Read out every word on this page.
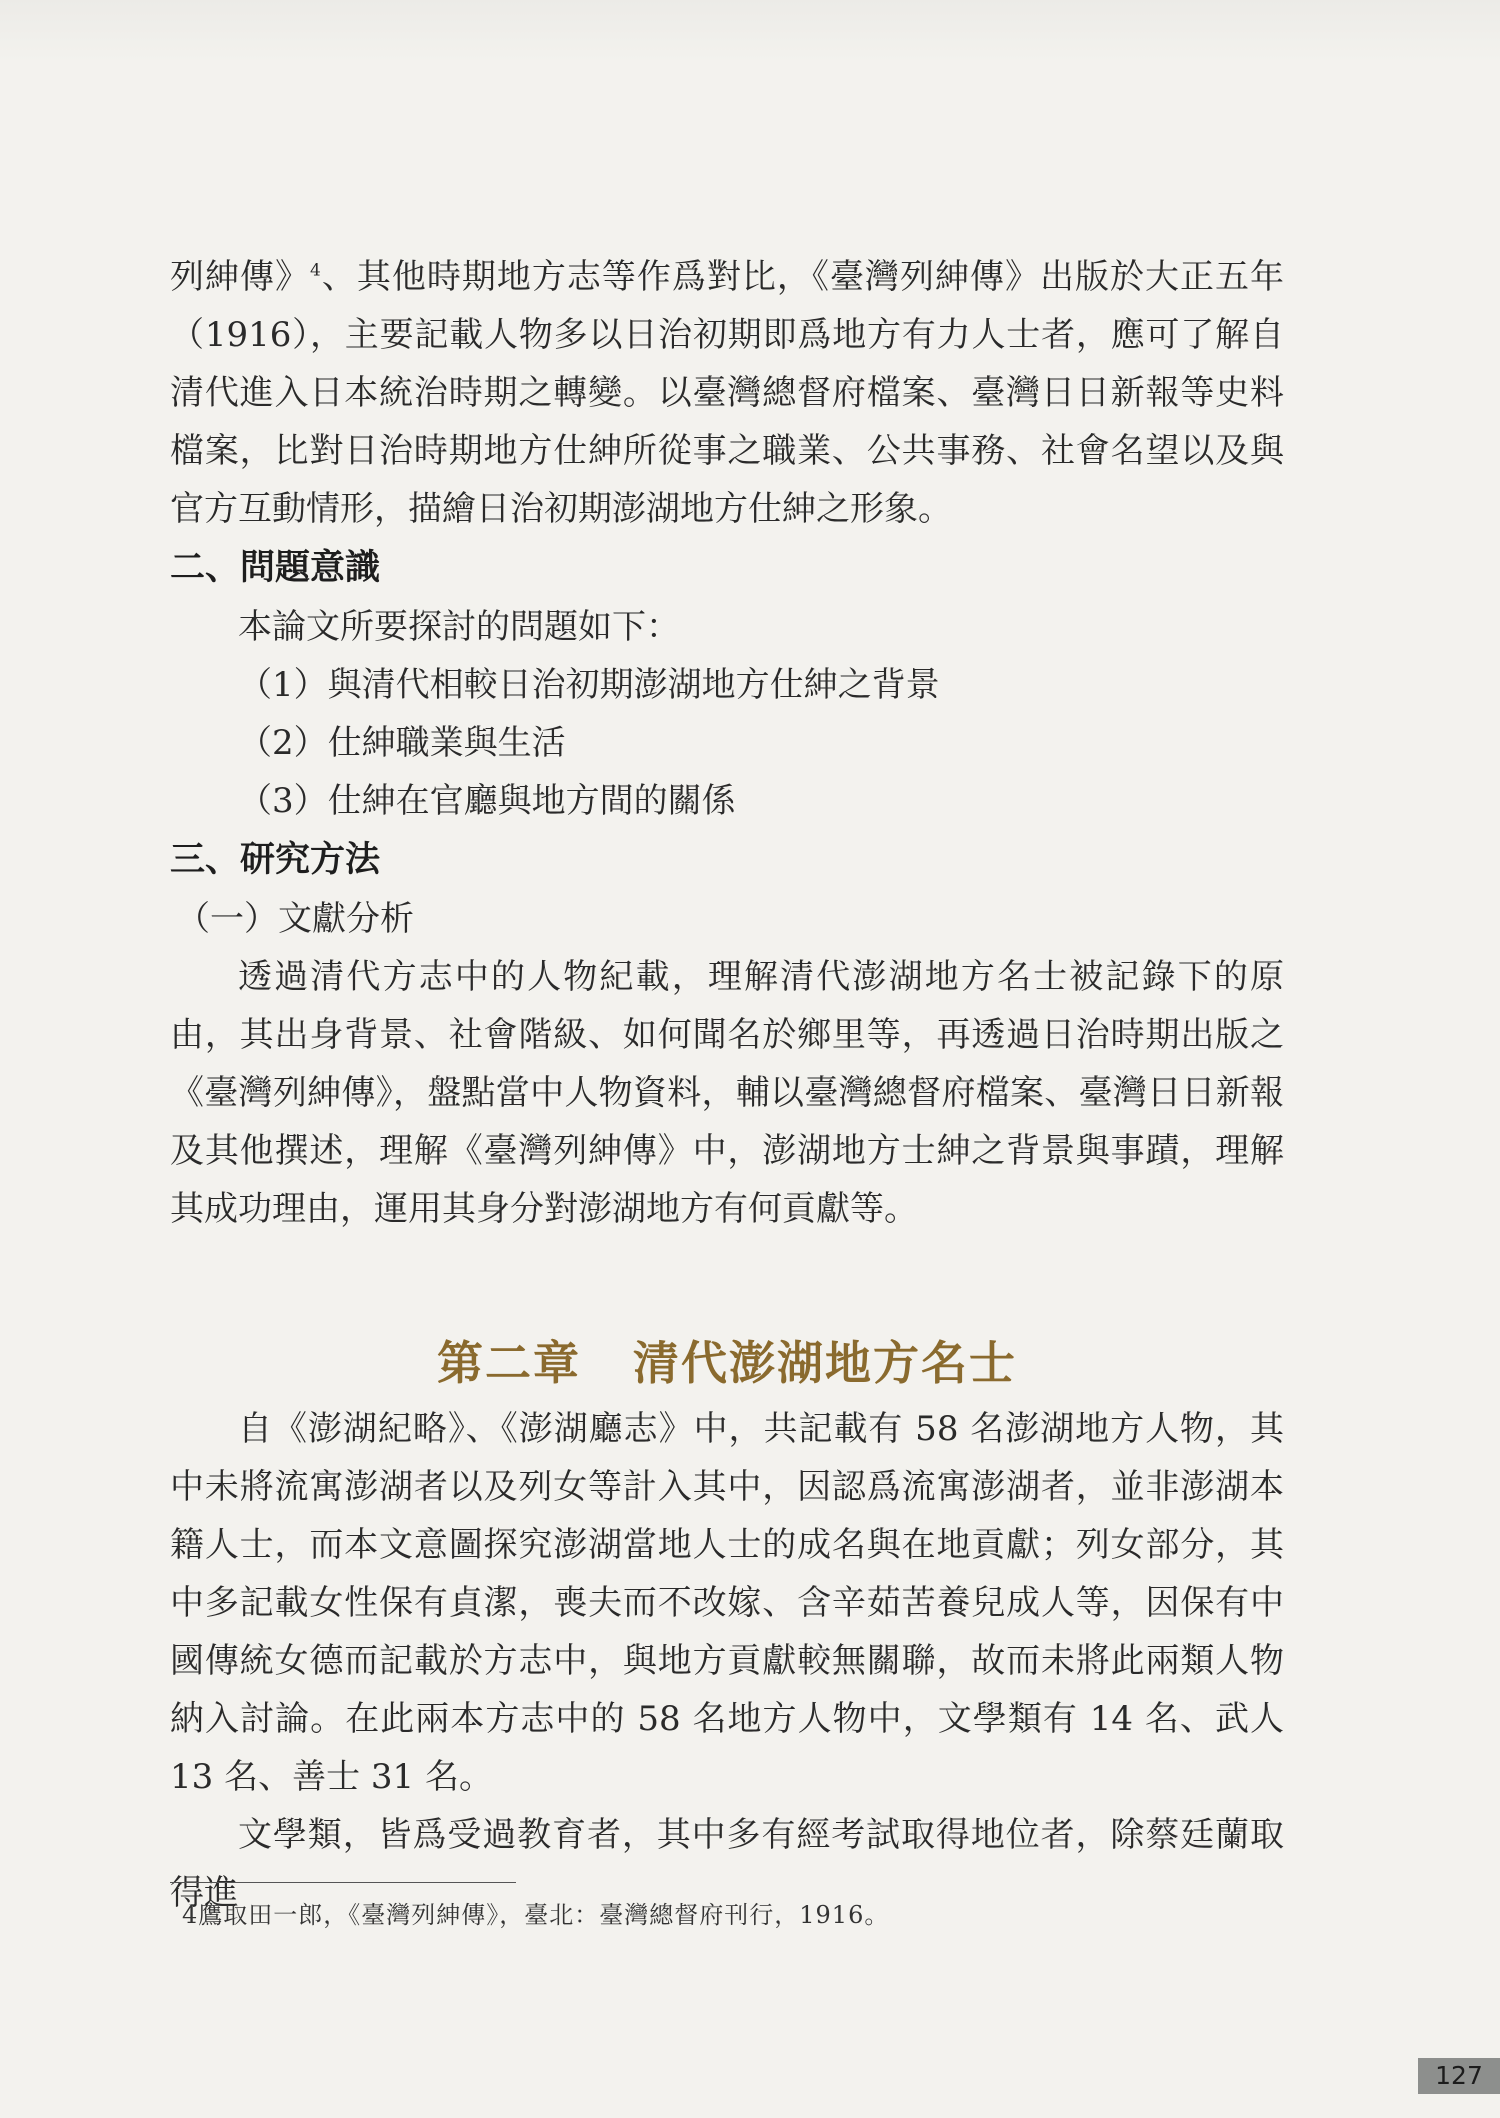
列紳傳》$^4$、其他時期地方志等作爲對比，《臺灣列紳傳》出版於大正五年（1916），主要記載人物多以日治初期即爲地方有力人士者，應可了解自清代進入日本統治時期之轉變。以臺灣總督府檔案、臺灣日日新報等史料檔案，比對日治時期地方仕紳所從事之職業、公共事務、社會名望以及與官方互動情形，描繪日治初期澎湖地方仕紳之形象。

二、問題意識

本論文所要探討的問題如下：

（1）與清代相較日治初期澎湖地方仕紳之背景

（2）仕紳職業與生活

（3）仕紳在官廳與地方間的關係

三、研究方法

（一）文獻分析

透過清代方志中的人物紀載，理解清代澎湖地方名士被記錄下的原由，其出身背景、社會階級、如何聞名於鄉里等，再透過日治時期出版之《臺灣列紳傳》，盤點當中人物資料，輔以臺灣總督府檔案、臺灣日日新報及其他撰述，理解《臺灣列紳傳》中，澎湖地方士紳之背景與事蹟，理解其成功理由，運用其身分對澎湖地方有何貢獻等。

第二章 清代澎湖地方名士

自《澎湖紀略》、《澎湖廳志》中，共記載有 58 名澎湖地方人物，其中未將流寓澎湖者以及列女等計入其中，因認爲流寓澎湖者，並非澎湖本籍人士，而本文意圖探究澎湖當地人士的成名與在地貢獻；列女部分，其中多記載女性保有貞潔，喪夫而不改嫁、含辛茹苦養兒成人等，因保有中國傳統女德而記載於方志中，與地方貢獻較無關聯，故而未將此兩類人物納入討論。在此兩本方志中的 58 名地方人物中，文學類有 14 名、武人 13 名、善士 31 名。

文學類，皆爲受過教育者，其中多有經考試取得地位者，除蔡廷蘭取得進

4鷹取田一郎，《臺灣列紳傳》，臺北：臺灣總督府刊行，1916。
127
